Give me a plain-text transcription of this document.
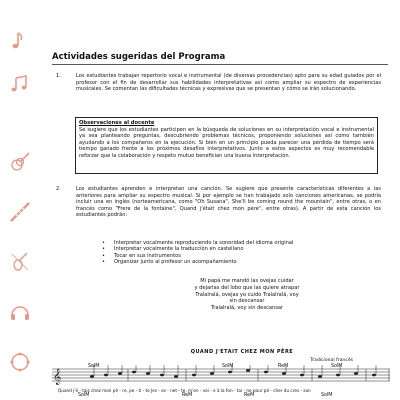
Actividades sugeridas del Programa
1.	Los estudiantes trabajan repertorio vocal e instrumental (de diversas procedencias) apto para su edad guiados por el profesor con el fin de desarrollar sus habilidades interpretativas así como ampliar su espectro de experiencias musicales. Se comentan las dificultades técnicas y expresivas que se presentan y cómo se irán solucionando.
Observaciones al docente
Se sugiere que los estudiantes participen en la búsqueda de soluciones en su interpretación vocal e instrumental ya sea planteando preguntas, descubriendo problemas técnicos, proponiendo soluciones así como también ayudando a los compañeros en la ejecución. Si bien en un principio pueda parecer una pérdida de tiempo será tiempo ganado frente a los próximos desafíos interpretativos. Junto a estos aspectos es muy recomendable reforzar que la colaboración y respeto mutuo benefician una buena interpretación.
2.	Los estudiantes aprenden e interpretan una canción. Se sugiere que presente características diferentes a las anteriores para ampliar su espectro musical. Si por ejemplo se han trabajado solo canciones americanas, se podría incluir una en inglés (norteamericana, como "Oh Susana", She'll be coming round the mountain", entre otras, o en francés como "Frere de la fontaine", Quand j'était chez mon père", entre otras). A partir de esta canción los estudiantes podrán:
• Interpretar vocalmente reproduciendo la sonoridad del idioma original
• Interpretar vocalmente la traducción en castellano
• Tocar en sus instrumentos
• Organizar junto al profesor un acompañamiento
Mi papá me mandó las ovejas cuidar
y dejarlas del lobo que las quiere atrapar
Tralalralá, ovejas yo cuido Tralalralá, voy
sin descansar
Tralalralá, voy sin descansar
QUAND J'ETAIT CHEZ MON PÈRE
Tradicional francés
SolM	SolM	ReM	SolM
𝄞
Quand j'é - tais chez mon pè - re, pe - ti - te Jes - se - net - te, m'en - voi - e à la fon - tai - ne pour pé - cher du cres - son
SolM	ReM	ReM	SolM
